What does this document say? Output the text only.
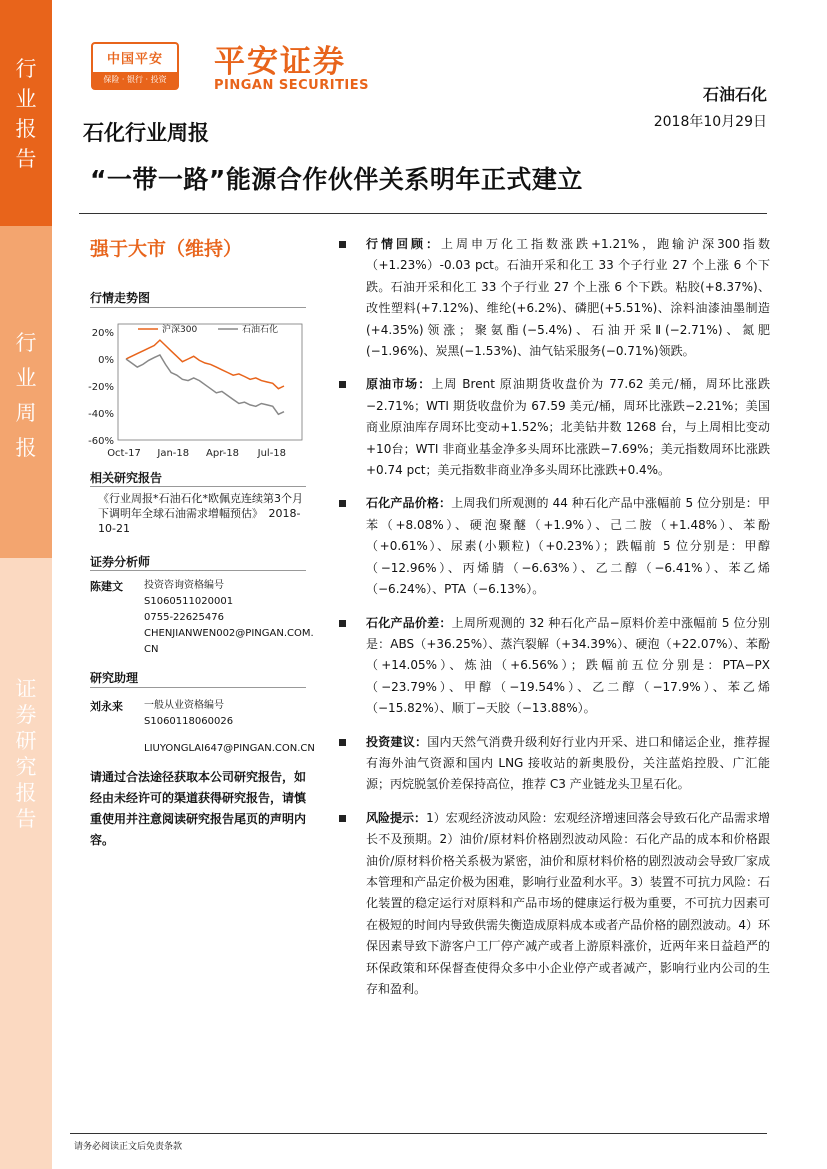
行
业
报
告
行
业
周
报
证
券
研
究
报
告
中国平安
保险 · 银行 · 投资	平安证券
PINGAN SECURITIES	石油石化
2018年10月29日
石化行业周报
“一带一路”能源合作伙伴关系明年正式建立
强于大市（维持）
行情走势图
20%
0%
-20%
-40%
-60%
Oct-17 Jan-18 Apr-18 Jul-18
沪深300	石油石化
相关研究报告
《行业周报*石油石化*欧佩克连续第3个月下调明年全球石油需求增幅预估》　2018-10-21
证券分析师
陈建文 投资咨询资格编号
S1060511020001
0755-22625476
CHENJIANWEN002@PINGAN.COM.CN
研究助理
刘永来 一般从业资格编号
S1060118060026
LIUYONGLAI647@PINGAN.CON.CN
请通过合法途径获取本公司研究报告，如经由未经许可的渠道获得研究报告，请慎重使用并注意阅读研究报告尾页的声明内容。
行情回顾：上周申万化工指数涨跌+1.21%，跑输沪深300指数（+1.23%）-0.03 pct。石油开采和化工 33 个子行业 27 个上涨 6 个下跌。石油开采和化工 33 个子行业 27 个上涨 6 个下跌。粘胶(+8.37%)、改性塑料(+7.12%)、维纶(+6.2%)、磷肥(+5.51%)、涂料油漆油墨制造(+4.35%)领涨；聚氨酯(−5.4%)、石油开采Ⅱ(−2.71%)、氮肥(−1.96%)、炭黑(−1.53%)、油气钻采服务(−0.71%)领跌。
原油市场：上周 Brent 原油期货收盘价为 77.62 美元/桶，周环比涨跌−2.71%；WTI 期货收盘价为 67.59 美元/桶，周环比涨跌−2.21%；美国商业原油库存周环比变动+1.52%；北美钻井数 1268 台，与上周相比变动+10台；WTI 非商业基金净多头周环比涨跌−7.69%；美元指数周环比涨跌+0.74 pct；美元指数非商业净多头周环比涨跌+0.4%。
石化产品价格：上周我们所观测的 44 种石化产品中涨幅前 5 位分别是：甲苯（+8.08%）、硬泡聚醚（+1.9%）、己二胺（+1.48%）、苯酚（+0.61%）、尿素(小颗粒)（+0.23%）；跌幅前 5 位分别是：甲醇（−12.96%）、丙烯腈（−6.63%）、乙二醇（−6.41%）、苯乙烯（−6.24%）、PTA（−6.13%）。
石化产品价差：上周所观测的 32 种石化产品−原料价差中涨幅前 5 位分别是：ABS（+36.25%）、蒸汽裂解（+34.39%）、硬泡（+22.07%）、苯酚（+14.05%）、炼油（+6.56%）；跌幅前五位分别是：PTA−PX（−23.79%）、甲醇（−19.54%）、乙二醇（−17.9%）、苯乙烯（−15.82%）、顺丁−天胶（−13.88%）。
投资建议：国内天然气消费升级利好行业内开采、进口和储运企业，推荐握有海外油气资源和国内 LNG 接收站的新奥股份，关注蓝焰控股、广汇能源；丙烷脱氢价差保持高位，推荐 C3 产业链龙头卫星石化。
风险提示：1）宏观经济波动风险：宏观经济增速回落会导致石化产品需求增长不及预期。2）油价/原材料价格剧烈波动风险：石化产品的成本和价格跟油价/原材料价格关系极为紧密，油价和原材料价格的剧烈波动会导致厂家成本管理和产品定价极为困难，影响行业盈利水平。3）装置不可抗力风险：石化装置的稳定运行对原料和产品市场的健康运行极为重要，不可抗力因素可在极短的时间内导致供需失衡造成原料成本或者产品价格的剧烈波动。4）环保因素导致下游客户工厂停产减产或者上游原料涨价，近两年来日益趋严的环保政策和环保督查使得众多中小企业停产或者减产，影响行业内公司的生存和盈利。
请务必阅读正文后免责条款
